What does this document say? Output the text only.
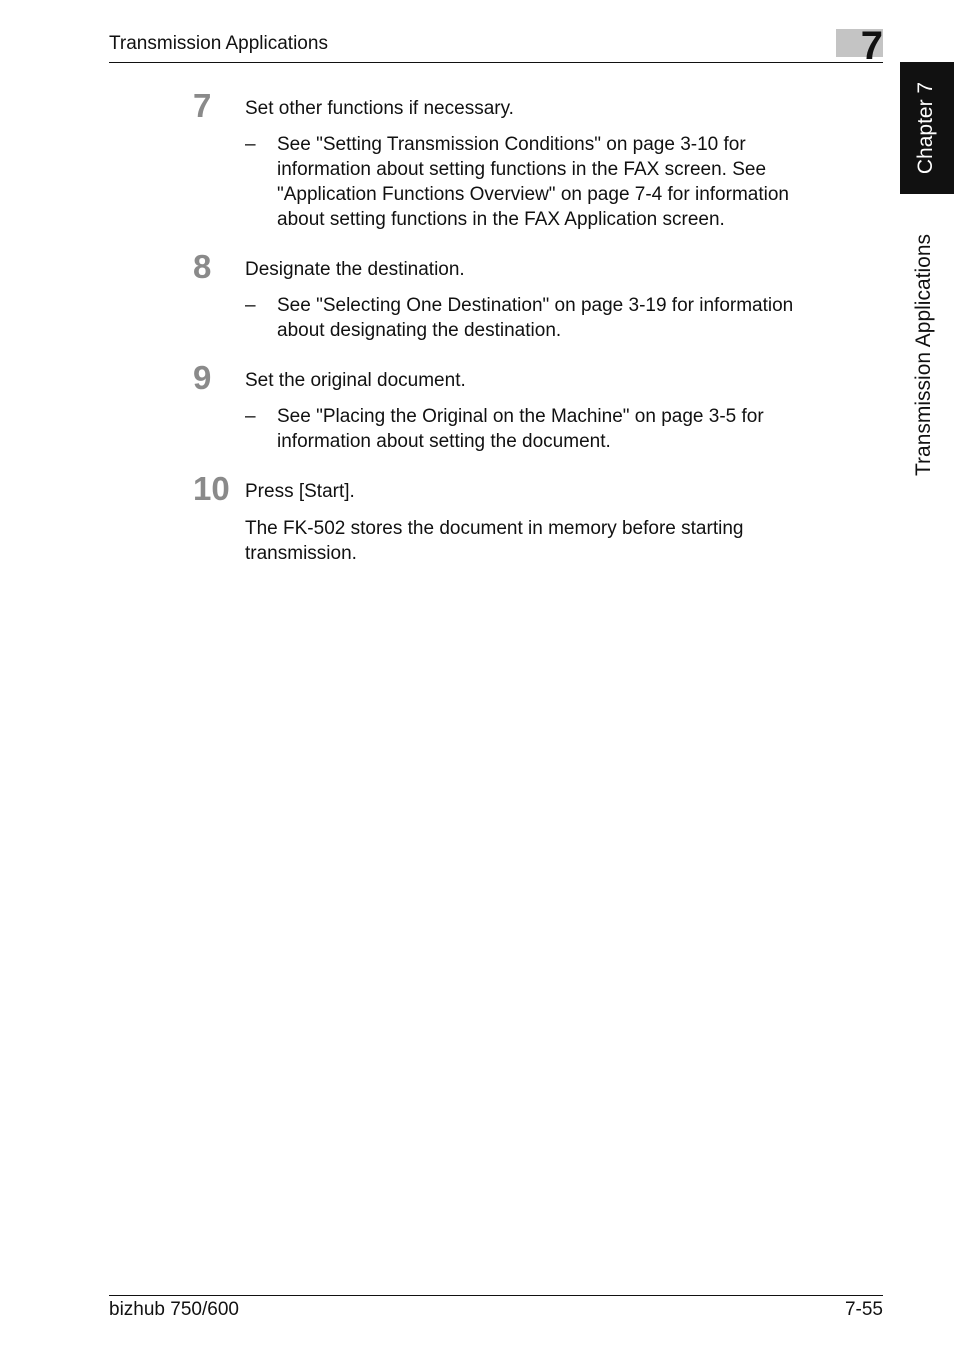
Transmission Applications	7
Chapter 7
Transmission Applications
7 Set other functions if necessary.
– See "Setting Transmission Conditions" on page 3-10 for
information about setting functions in the FAX screen. See
"Application Functions Overview" on page 7-4 for information
about setting functions in the FAX Application screen.
8 Designate the destination.
– See "Selecting One Destination" on page 3-19 for information
about designating the destination.
9 Set the original document.
– See "Placing the Original on the Machine" on page 3-5 for
information about setting the document.
10 Press [Start].
The FK-502 stores the document in memory before starting
transmission.
bizhub 750/600	7-55
